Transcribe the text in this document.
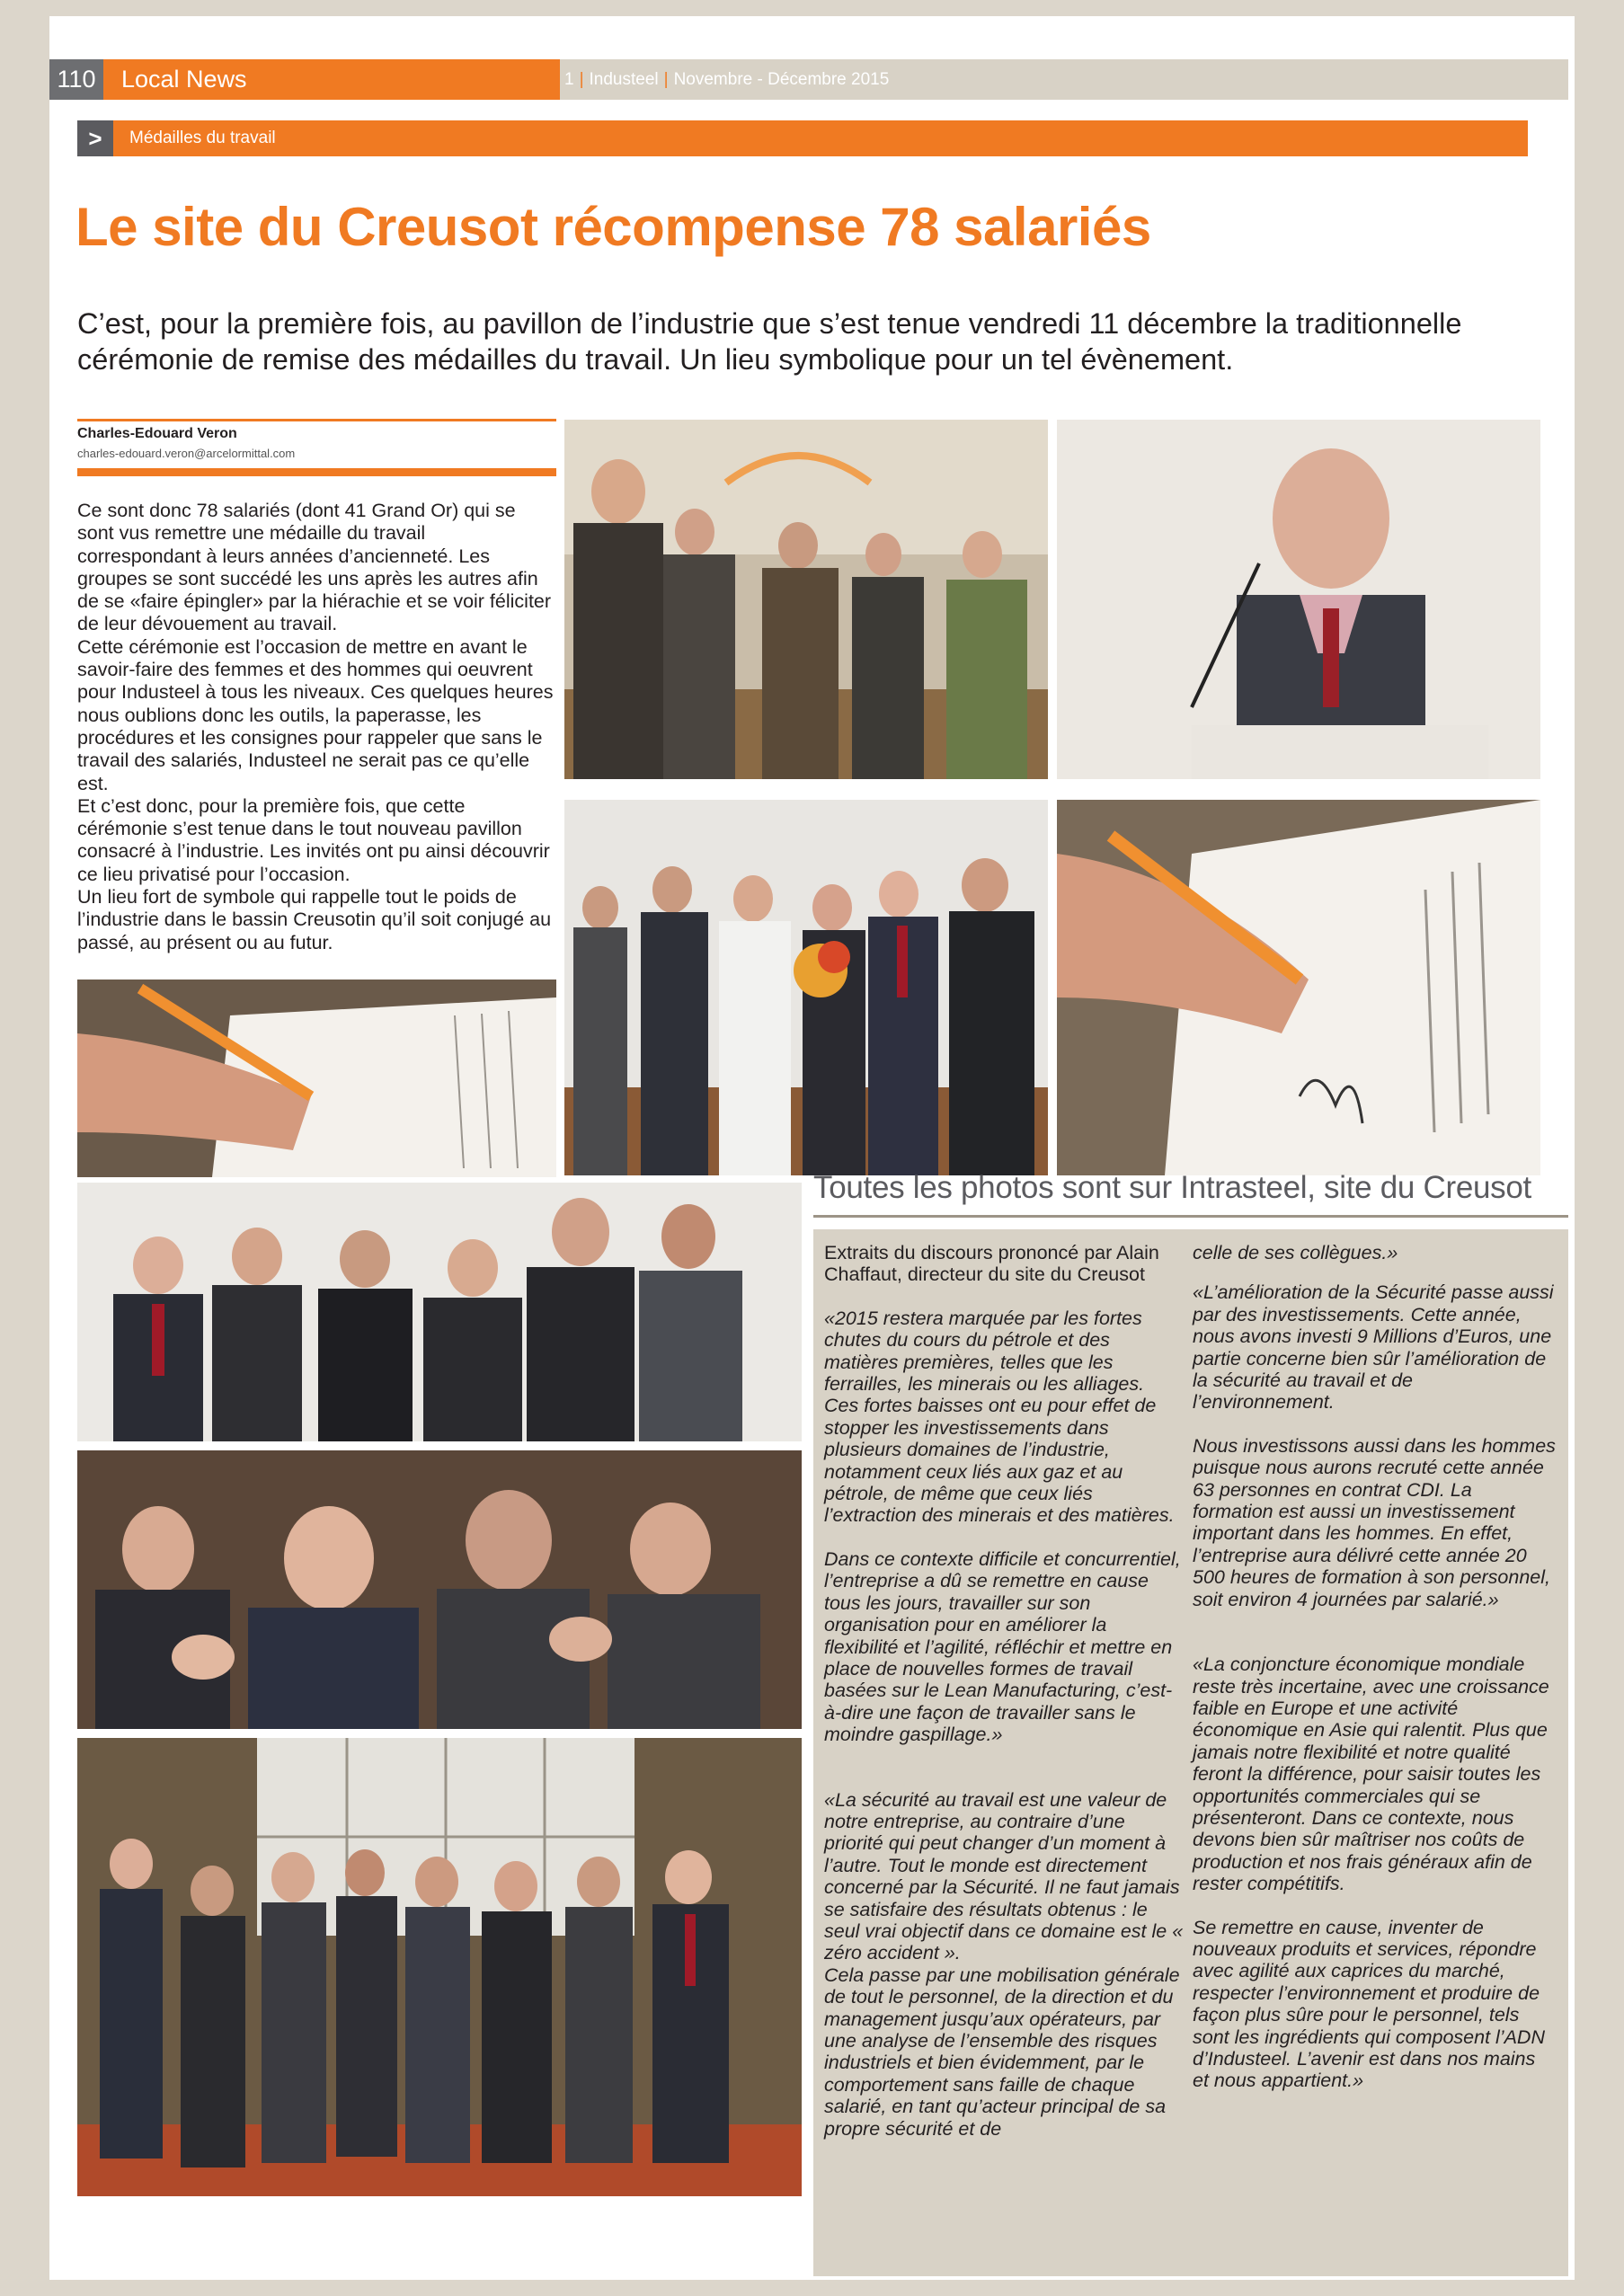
110	Local News	1 | Industeel | Novembre - Décembre 2015
>	Médailles du travail
Le site du Creusot récompense 78 salariés

C’est, pour la première fois, au pavillon de l’industrie que s’est tenue vendredi 11 décembre la traditionnelle cérémonie de remise des médailles du travail. Un lieu symbolique pour un tel évènement.

Charles-Edouard Veron
charles-edouard.veron@arcelormittal.com

Ce sont donc 78 salariés (dont 41 Grand Or) qui se sont vus remettre une médaille du travail correspondant à leurs années d’ancienneté. Les groupes se sont succédé les uns après les autres afin de se «faire épingler» par la hiérachie et se voir féliciter de leur dévouement au travail.

Cette cérémonie est l’occasion de mettre en avant le savoir-faire des femmes et des hommes qui oeuvrent pour Industeel à tous les niveaux. Ces quelques heures nous oublions donc les outils, la paperasse, les procédures et les consignes pour rappeler que sans le travail des salariés, Industeel ne serait pas ce qu’elle est.

Et c’est donc, pour la première fois, que cette cérémonie s’est tenue dans le tout nouveau pavillon consacré à l’industrie. Les invités ont pu ainsi découvrir ce lieu privatisé pour l’occasion.

Un lieu fort de symbole qui rappelle tout le poids de l’industrie dans le bassin Creusotin qu’il soit conjugé au passé, au présent ou au futur.

Toutes les photos sont sur Intrasteel, site du Creusot

Extraits du discours prononcé par Alain Chaffaut, directeur du site du Creusot

«2015 restera marquée par les fortes chutes du cours du pétrole et des matières premières, telles que les ferrailles, les minerais ou les alliages. Ces fortes baisses ont eu pour effet de stopper les investissements dans plusieurs domaines de l’industrie, notamment ceux liés aux gaz et au pétrole, de même que ceux liés l’extraction des minerais et des matières.

Dans ce contexte difficile et concurrentiel, l’entreprise a dû se remettre en cause tous les jours, travailler sur son organisation pour en améliorer la flexibilité et l’agilité, réfléchir et mettre en place de nouvelles formes de travail basées sur le Lean Manufacturing, c’est-à-dire une façon de travailler sans le moindre gaspillage.»

«La sécurité au travail est une valeur de notre entreprise, au contraire d’une priorité qui peut changer d’un moment à l’autre. Tout le monde est directement concerné par la Sécurité. Il ne faut jamais se satisfaire des résultats obtenus : le seul vrai objectif dans ce domaine est le « zéro accident ».

Cela passe par une mobilisation générale de tout le personnel, de la direction et du management jusqu’aux opérateurs, par une analyse de l’ensemble des risques industriels et bien évidemment, par le comportement sans faille de chaque salarié, en tant qu’acteur principal de sa propre sécurité et de

celle de ses collègues.»

«L’amélioration de la Sécurité passe aussi par des investissements. Cette année, nous avons investi 9 Millions d’Euros, une partie concerne bien sûr l’amélioration de la sécurité au travail et de l’environnement.

Nous investissons aussi dans les hommes puisque nous aurons recruté cette année 63 personnes en contrat CDI. La formation est aussi un investissement important dans les hommes. En effet, l’entreprise aura délivré cette année 20 500 heures de formation à son personnel, soit environ 4 journées par salarié.»

«La conjoncture économique mondiale reste très incertaine, avec une croissance faible en Europe et une activité économique en Asie qui ralentit. Plus que jamais notre flexibilité et notre qualité feront la différence, pour saisir toutes les opportunités commerciales qui se présenteront. Dans ce contexte, nous devons bien sûr maîtriser nos coûts de production et nos frais généraux afin de rester compétitifs.

Se remettre en cause, inventer de nouveaux produits et services, répondre avec agilité aux caprices du marché, respecter l’environnement et produire de façon plus sûre pour le personnel, tels sont les ingrédients qui composent l’ADN d’Industeel. L’avenir est dans nos mains et nous appartient.»
